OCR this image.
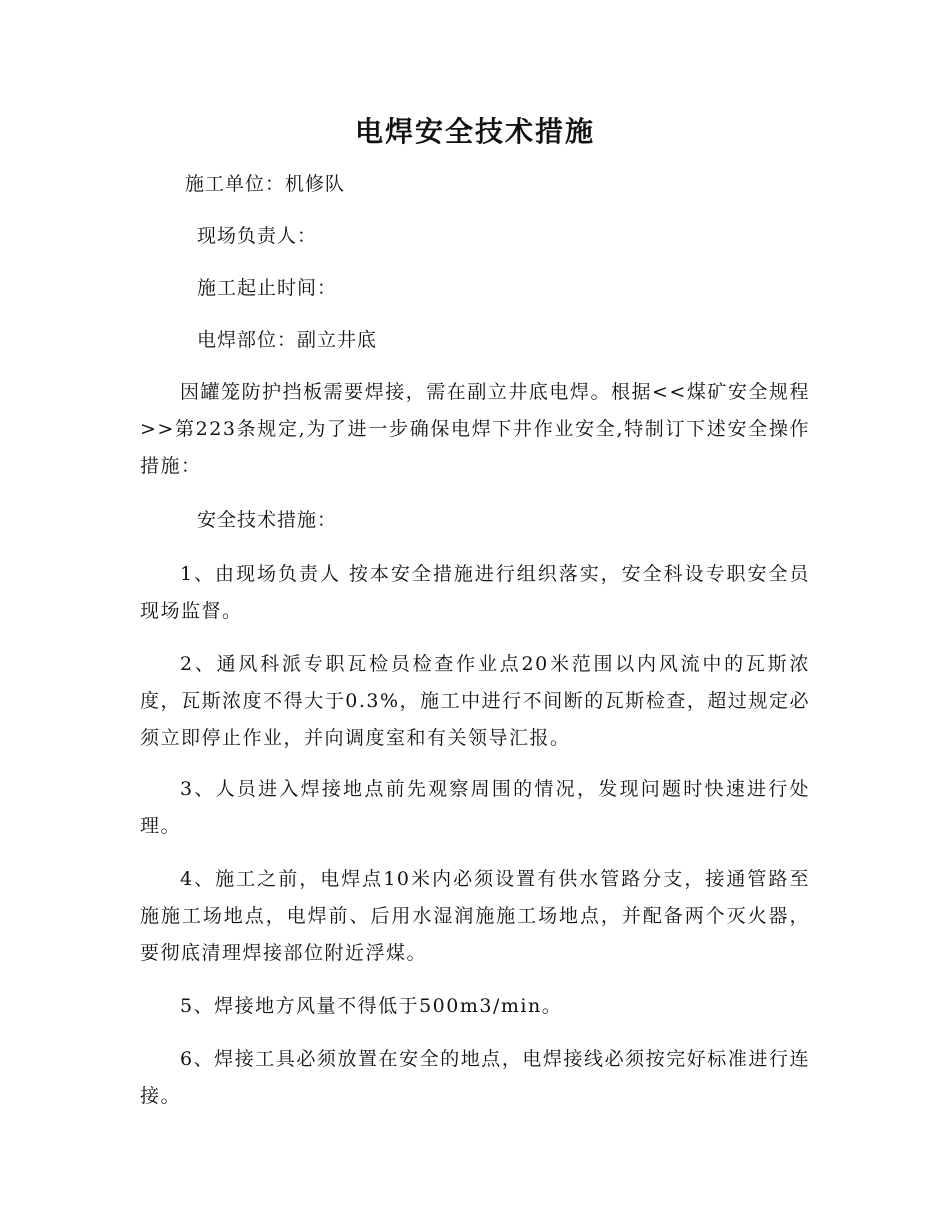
电焊安全技术措施
施工单位：机修队
现场负责人：
施工起止时间：
电焊部位：副立井底
因罐笼防护挡板需要焊接，需在副立井底电焊。根据<<煤矿安全规程>>第223条规定,为了进一步确保电焊下井作业安全,特制订下述安全操作措施：
安全技术措施：
1、由现场负责人 按本安全措施进行组织落实，安全科设专职安全员现场监督。
2、通风科派专职瓦检员检查作业点20米范围以内风流中的瓦斯浓度，瓦斯浓度不得大于0.3%，施工中进行不间断的瓦斯检查，超过规定必须立即停止作业，并向调度室和有关领导汇报。
3、人员进入焊接地点前先观察周围的情况，发现问题时快速进行处理。
4、施工之前，电焊点10米内必须设置有供水管路分支，接通管路至施施工场地点，电焊前、后用水湿润施施工场地点，并配备两个灭火器，要彻底清理焊接部位附近浮煤。
5、焊接地方风量不得低于500m3/min。
6、焊接工具必须放置在安全的地点，电焊接线必须按完好标准进行连接。
